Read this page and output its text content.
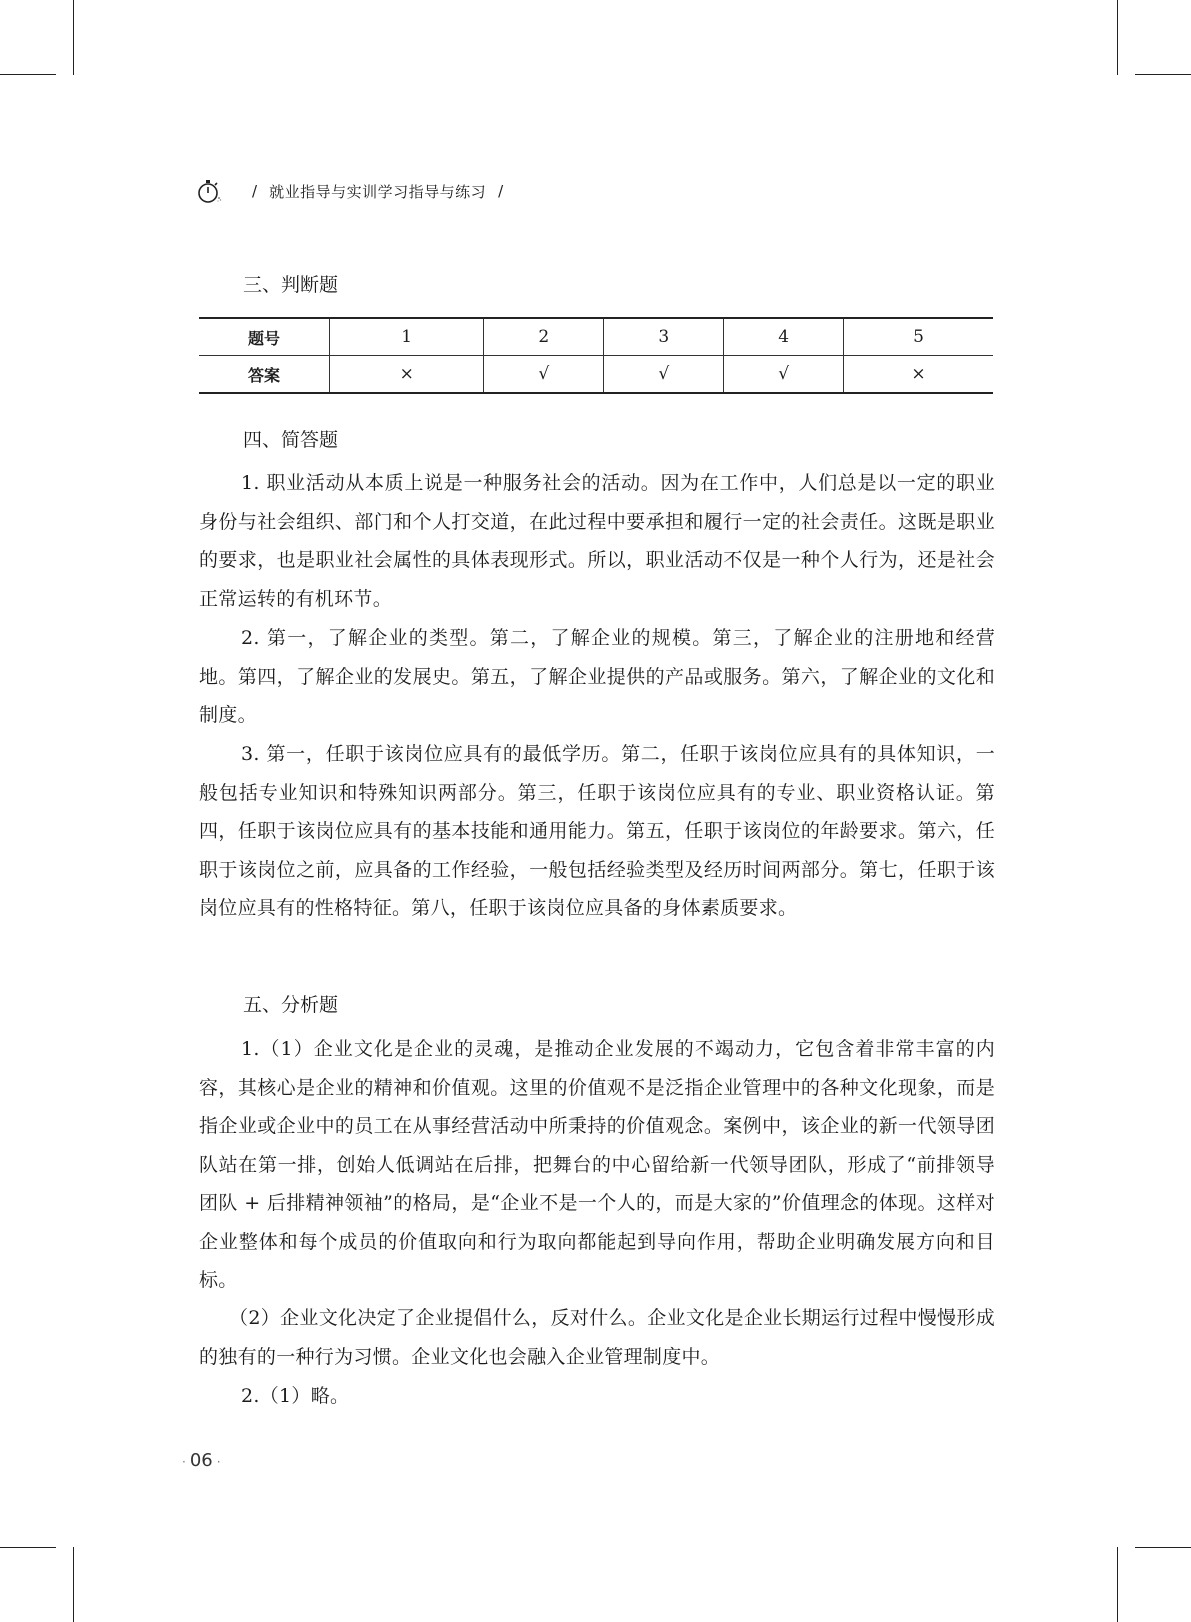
/ 就业指导与实训学习指导与练习 /
三、判断题
题号	1	2	3	4	5
答案	×	√	√	√	×
四、简答题

1. 职业活动从本质上说是一种服务社会的活动。因为在工作中，人们总是以一定的职业身份与社会组织、部门和个人打交道，在此过程中要承担和履行一定的社会责任。这既是职业的要求，也是职业社会属性的具体表现形式。所以，职业活动不仅是一种个人行为，还是社会正常运转的有机环节。

2. 第一，了解企业的类型。第二，了解企业的规模。第三，了解企业的注册地和经营地。第四，了解企业的发展史。第五，了解企业提供的产品或服务。第六，了解企业的文化和制度。

3. 第一，任职于该岗位应具有的最低学历。第二，任职于该岗位应具有的具体知识，一般包括专业知识和特殊知识两部分。第三，任职于该岗位应具有的专业、职业资格认证。第四，任职于该岗位应具有的基本技能和通用能力。第五，任职于该岗位的年龄要求。第六，任职于该岗位之前，应具备的工作经验，一般包括经验类型及经历时间两部分。第七，任职于该岗位应具有的性格特征。第八，任职于该岗位应具备的身体素质要求。

五、分析题

1.（1）企业文化是企业的灵魂，是推动企业发展的不竭动力，它包含着非常丰富的内容，其核心是企业的精神和价值观。这里的价值观不是泛指企业管理中的各种文化现象，而是指企业或企业中的员工在从事经营活动中所秉持的价值观念。案例中，该企业的新一代领导团队站在第一排，创始人低调站在后排，把舞台的中心留给新一代领导团队，形成了“前排领导团队 + 后排精神领袖”的格局，是“企业不是一个人的，而是大家的”价值理念的体现。这样对企业整体和每个成员的价值取向和行为取向都能起到导向作用，帮助企业明确发展方向和目标。

（2）企业文化决定了企业提倡什么，反对什么。企业文化是企业长期运行过程中慢慢形成的独有的一种行为习惯。企业文化也会融入企业管理制度中。

2.（1）略。

· 06 ·
